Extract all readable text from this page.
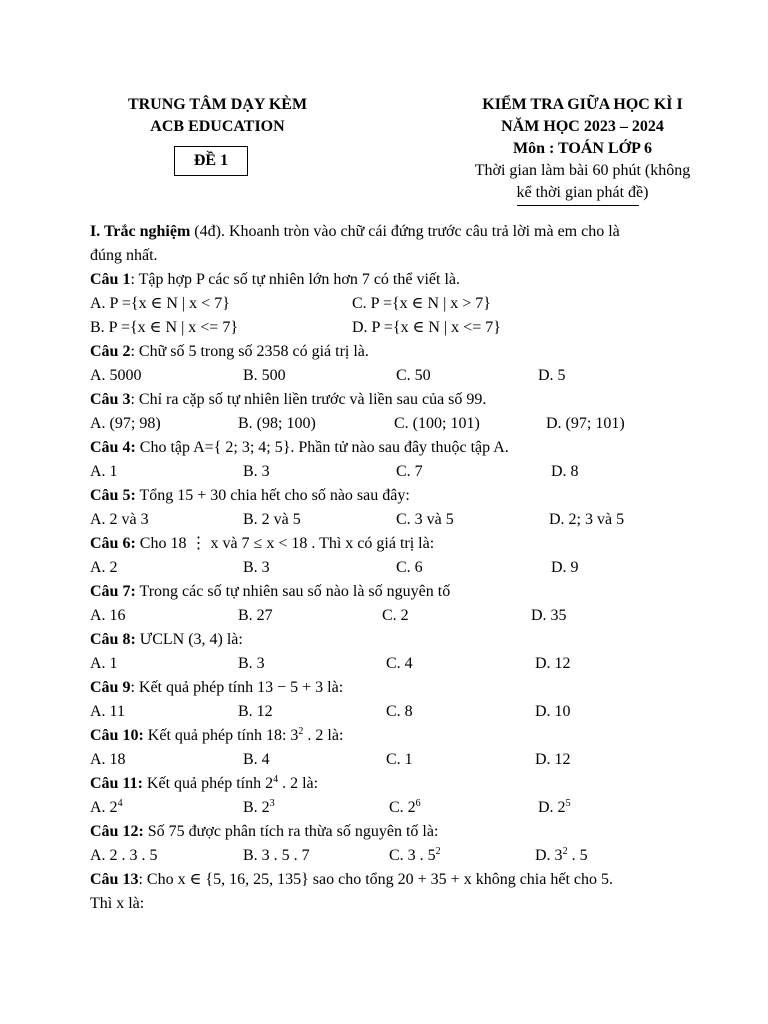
TRUNG TÂM DẠY KÈM
ACB EDUCATION
ĐỀ 1
KIỂM TRA GIỮA HỌC KÌ I
NĂM HỌC 2023 – 2024
Môn : TOÁN LỚP 6
Thời gian làm bài 60 phút (không
kể thời gian phát đề)
I. Trắc nghiệm (4đ). Khoanh tròn vào chữ cái đứng trước câu trả lời mà em cho là
đúng nhất.
Câu 1: Tập hợp P các số tự nhiên lớn hơn 7 có thể viết là.
A. P ={x ∈ N | x < 7}	C. P ={x ∈ N | x > 7}
B. P ={x ∈ N | x <= 7}	D. P ={x ∈ N | x <= 7}
Câu 2: Chữ số 5 trong số 2358 có giá trị là.
A. 5000	B. 500	C. 50	D. 5
Câu 3: Chỉ ra cặp số tự nhiên liền trước và liền sau của số 99.
A. (97; 98)	B. (98; 100)	C. (100; 101)	D. (97; 101)
Câu 4: Cho tập A={ 2; 3; 4; 5}. Phần tử nào sau đây thuộc tập A.
A. 1	B. 3	C. 7	D. 8
Câu 5: Tổng 15 + 30 chia hết cho số nào sau đây:
A. 2 và 3	B. 2 và 5	C. 3 và 5	D. 2; 3 và 5
Câu 6: Cho 18 ⋮ x và 7 ≤ x < 18 . Thì x có giá trị là:
A. 2	B. 3	C. 6	D. 9
Câu 7: Trong các số tự nhiên sau số nào là số nguyên tố
A. 16	B. 27	C. 2	D. 35
Câu 8: ƯCLN (3, 4) là:
A. 1	B. 3	C. 4	D. 12
Câu 9: Kết quả phép tính 13 − 5 + 3 là:
A. 11	B. 12	C. 8	D. 10
Câu 10: Kết quả phép tính 18: $3^2$ . 2 là:
A. 18	B. 4	C. 1	D. 12
Câu 11: Kết quả phép tính $2^4$ . 2 là:
A. $2^4$	B. $2^3$	C. $2^6$	D. $2^5$
Câu 12: Số 75 được phân tích ra thừa số nguyên tố là:
A. 2 . 3 . 5	B. 3 . 5 . 7	C. 3 . $5^2$	D. $3^2$ . 5
Câu 13: Cho x ∈ {5, 16, 25, 135} sao cho tổng 20 + 35 + x không chia hết cho 5.
Thì x là:
